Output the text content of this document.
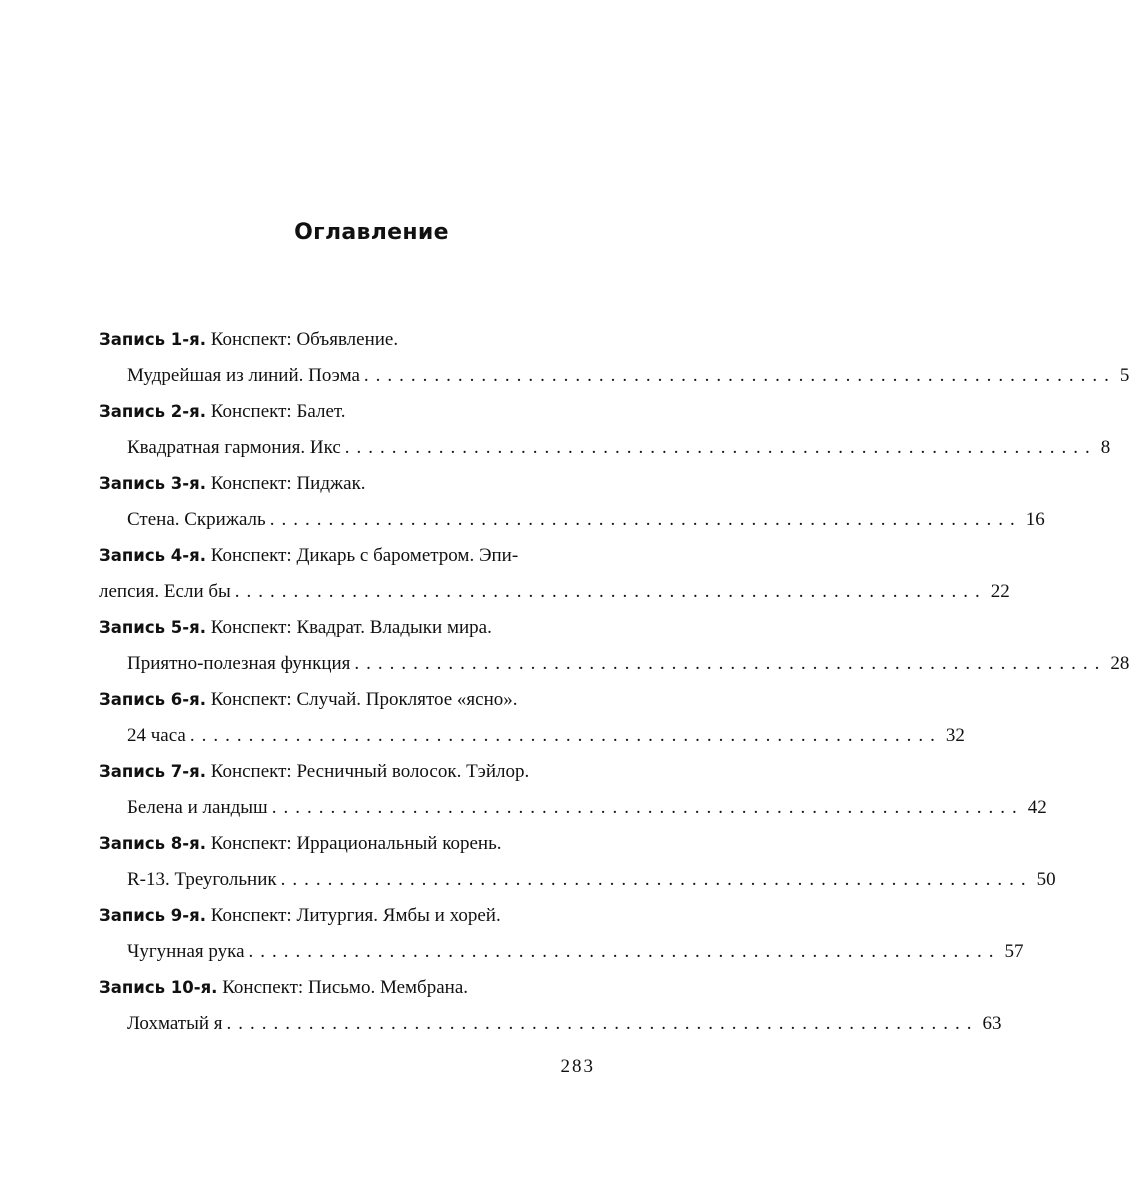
Оглавление
Запись 1-я. Конспект: Объявление.
Мудрейшая из линий. Поэма ................................................................ 5
Запись 2-я. Конспект: Балет.
Квадратная гармония. Икс ................................................................ 8
Запись 3-я. Конспект: Пиджак.
Стена. Скрижаль ................................................................ 16
Запись 4-я. Конспект: Дикарь с барометром. Эпи-
лепсия. Если бы ................................................................ 22
Запись 5-я. Конспект: Квадрат. Владыки мира.
Приятно-полезная функция ................................................................ 28
Запись 6-я. Конспект: Случай. Проклятое «ясно».
24 часа ................................................................ 32
Запись 7-я. Конспект: Ресничный волосок. Тэйлор.
Белена и ландыш ................................................................ 42
Запись 8-я. Конспект: Иррациональный корень.
R-13. Треугольник ................................................................ 50
Запись 9-я. Конспект: Литургия. Ямбы и хорей.
Чугунная рука ................................................................ 57
Запись 10-я. Конспект: Письмо. Мембрана.
Лохматый я ................................................................ 63
283
